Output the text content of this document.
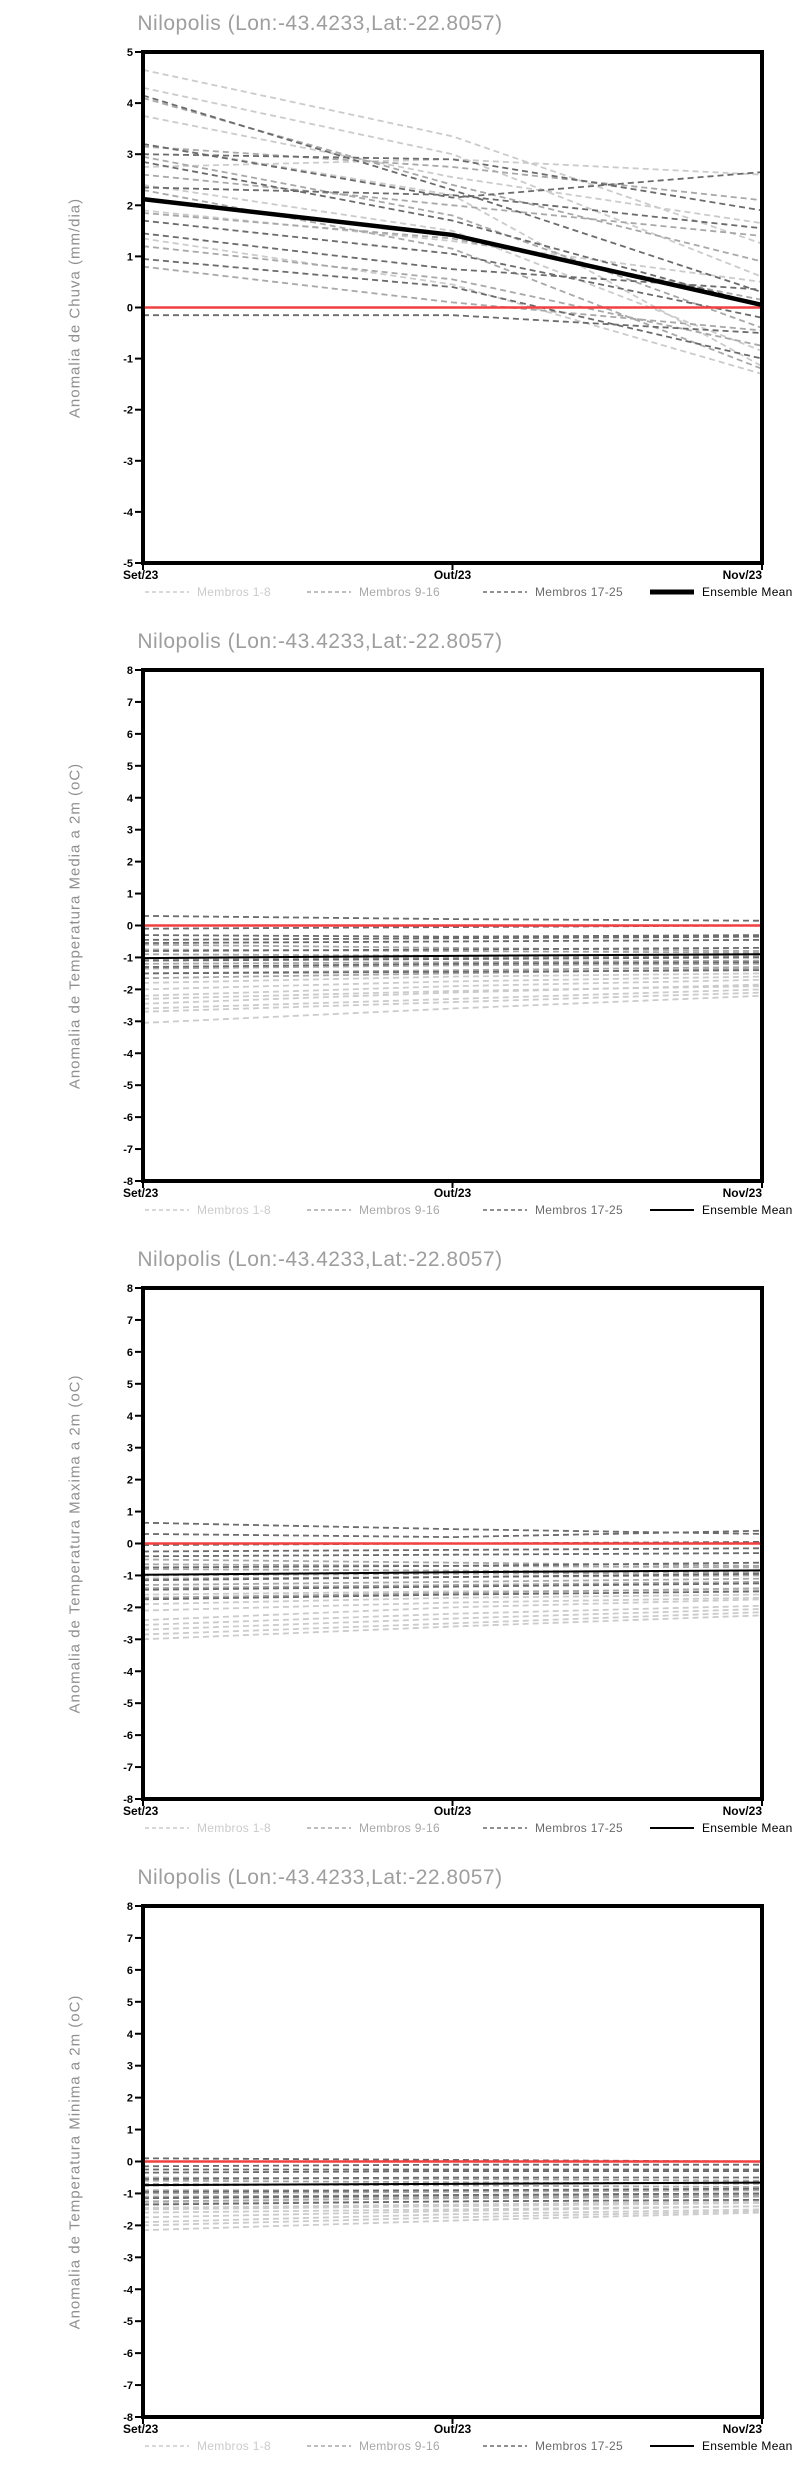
Nilopolis (Lon:-43.4233,Lat:-22.8057)
Anomalia de Chuva (mm/dia)
5
4
3
2
1
0
-1
-2
-3
-4
-5
Set/23	Out/23	Nov/23
Membros 1-8	Membros 9-16	Membros 17-25	Ensemble Mean
Nilopolis (Lon:-43.4233,Lat:-22.8057)
Anomalia de Temperatura Media a 2m (oC)
8
7
6
5
4
3
2
1
0
-1
-2
-3
-4
-5
-6
-7
-8
Set/23	Out/23	Nov/23
Membros 1-8	Membros 9-16	Membros 17-25	Ensemble Mean
Nilopolis (Lon:-43.4233,Lat:-22.8057)
Anomalia de Temperatura Maxima a 2m (oC)
8
7
6
5
4
3
2
1
0
-1
-2
-3
-4
-5
-6
-7
-8
Set/23	Out/23	Nov/23
Membros 1-8	Membros 9-16	Membros 17-25	Ensemble Mean
Nilopolis (Lon:-43.4233,Lat:-22.8057)
Anomalia de Temperatura Minima a 2m (oC)
8
7
6
5
4
3
2
1
0
-1
-2
-3
-4
-5
-6
-7
-8
Set/23	Out/23	Nov/23
Membros 1-8	Membros 9-16	Membros 17-25	Ensemble Mean
